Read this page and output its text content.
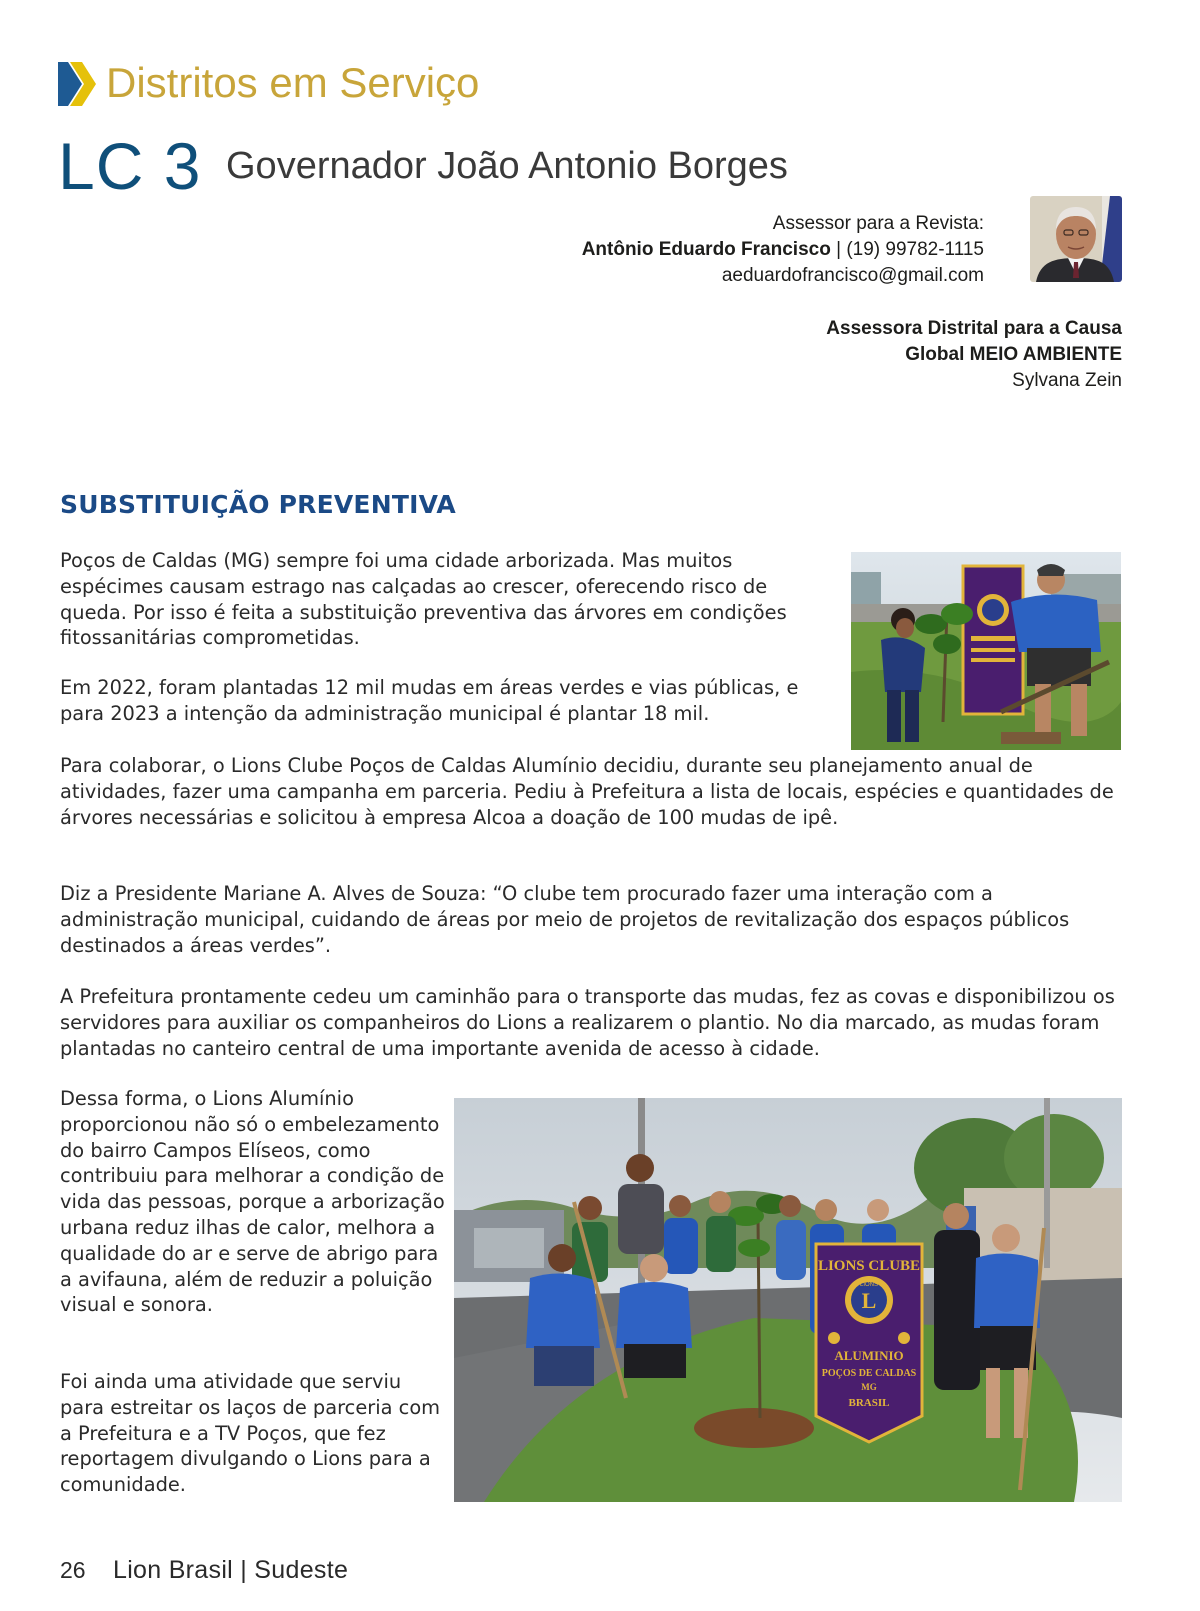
Distritos em Serviço
LC 3 Governador João Antonio Borges
Assessor para a Revista:
Antônio Eduardo Francisco | (19) 99782-1115
aeduardofrancisco@gmail.com
Assessora Distrital para a Causa
Global MEIO AMBIENTE
Sylvana Zein
SUBSTITUIÇÃO PREVENTIVA

Poços de Caldas (MG) sempre foi uma cidade arborizada. Mas muitos espécimes causam estrago nas calçadas ao crescer, oferecendo risco de queda. Por isso é feita a substituição preventiva das árvores em condições fitossanitárias comprometidas.

Em 2022, foram plantadas 12 mil mudas em áreas verdes e vias públicas, e para 2023 a intenção da administração municipal é plantar 18 mil.

Para colaborar, o Lions Clube Poços de Caldas Alumínio decidiu, durante seu planejamento anual de atividades, fazer uma campanha em parceria. Pediu à Prefeitura a lista de locais, espécies e quantidades de árvores necessárias e solicitou à empresa Alcoa a doação de 100 mudas de ipê.

Diz a Presidente Mariane A. Alves de Souza: “O clube tem procurado fazer uma interação com a administração municipal, cuidando de áreas por meio de projetos de revitalização dos espaços públicos destinados a áreas verdes”.

A Prefeitura prontamente cedeu um caminhão para o transporte das mudas, fez as covas e disponibilizou os servidores para auxiliar os companheiros do Lions a realizarem o plantio. No dia marcado, as mudas foram plantadas no canteiro central de uma importante avenida de acesso à cidade.

Dessa forma, o Lions Alumínio proporcionou não só o embelezamento do bairro Campos Elíseos, como contribuiu para melhorar a condição de vida das pessoas, porque a arborização urbana reduz ilhas de calor, melhora a qualidade do ar e serve de abrigo para a avifauna, além de reduzir a poluição visual e sonora.

Foi ainda uma atividade que serviu para estreitar os laços de parceria com a Prefeitura e a TV Poços, que fez reportagem divulgando o Lions para a comunidade.

LIONS CLUBE
L
LIONS
ALUMINIO
POÇOS DE CALDAS
MG
BRASIL
26 Lion Brasil | Sudeste
